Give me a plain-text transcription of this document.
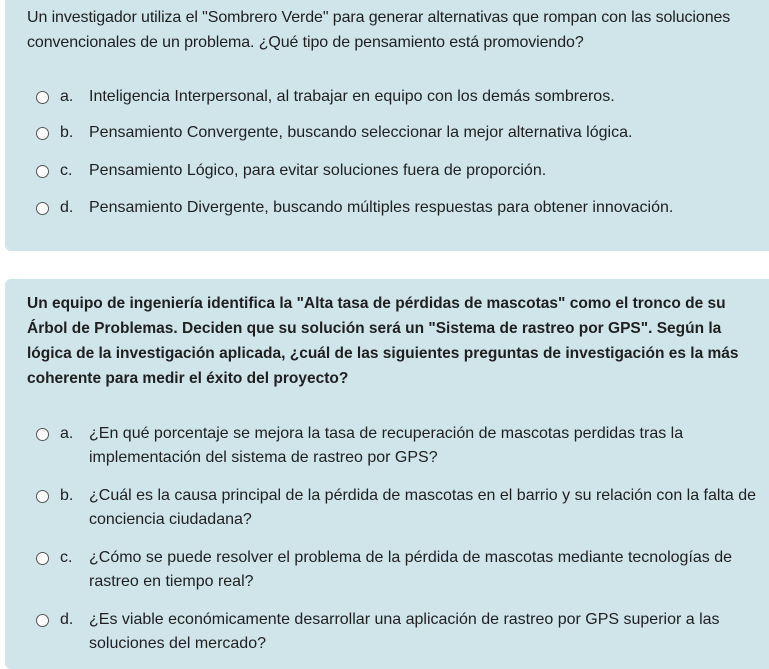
Un investigador utiliza el "Sombrero Verde" para generar alternativas que rompan con las soluciones convencionales de un problema. ¿Qué tipo de pensamiento está promoviendo?

a. Inteligencia Interpersonal, al trabajar en equipo con los demás sombreros.
b. Pensamiento Convergente, buscando seleccionar la mejor alternativa lógica.
c. Pensamiento Lógico, para evitar soluciones fuera de proporción.
d. Pensamiento Divergente, buscando múltiples respuestas para obtener innovación.

Un equipo de ingeniería identifica la "Alta tasa de pérdidas de mascotas" como el tronco de su Árbol de Problemas. Deciden que su solución será un "Sistema de rastreo por GPS". Según la lógica de la investigación aplicada, ¿cuál de las siguientes preguntas de investigación es la más coherente para medir el éxito del proyecto?

a. ¿En qué porcentaje se mejora la tasa de recuperación de mascotas perdidas tras la implementación del sistema de rastreo por GPS?
b. ¿Cuál es la causa principal de la pérdida de mascotas en el barrio y su relación con la falta de conciencia ciudadana?
c. ¿Cómo se puede resolver el problema de la pérdida de mascotas mediante tecnologías de rastreo en tiempo real?
d. ¿Es viable económicamente desarrollar una aplicación de rastreo por GPS superior a las soluciones del mercado?
